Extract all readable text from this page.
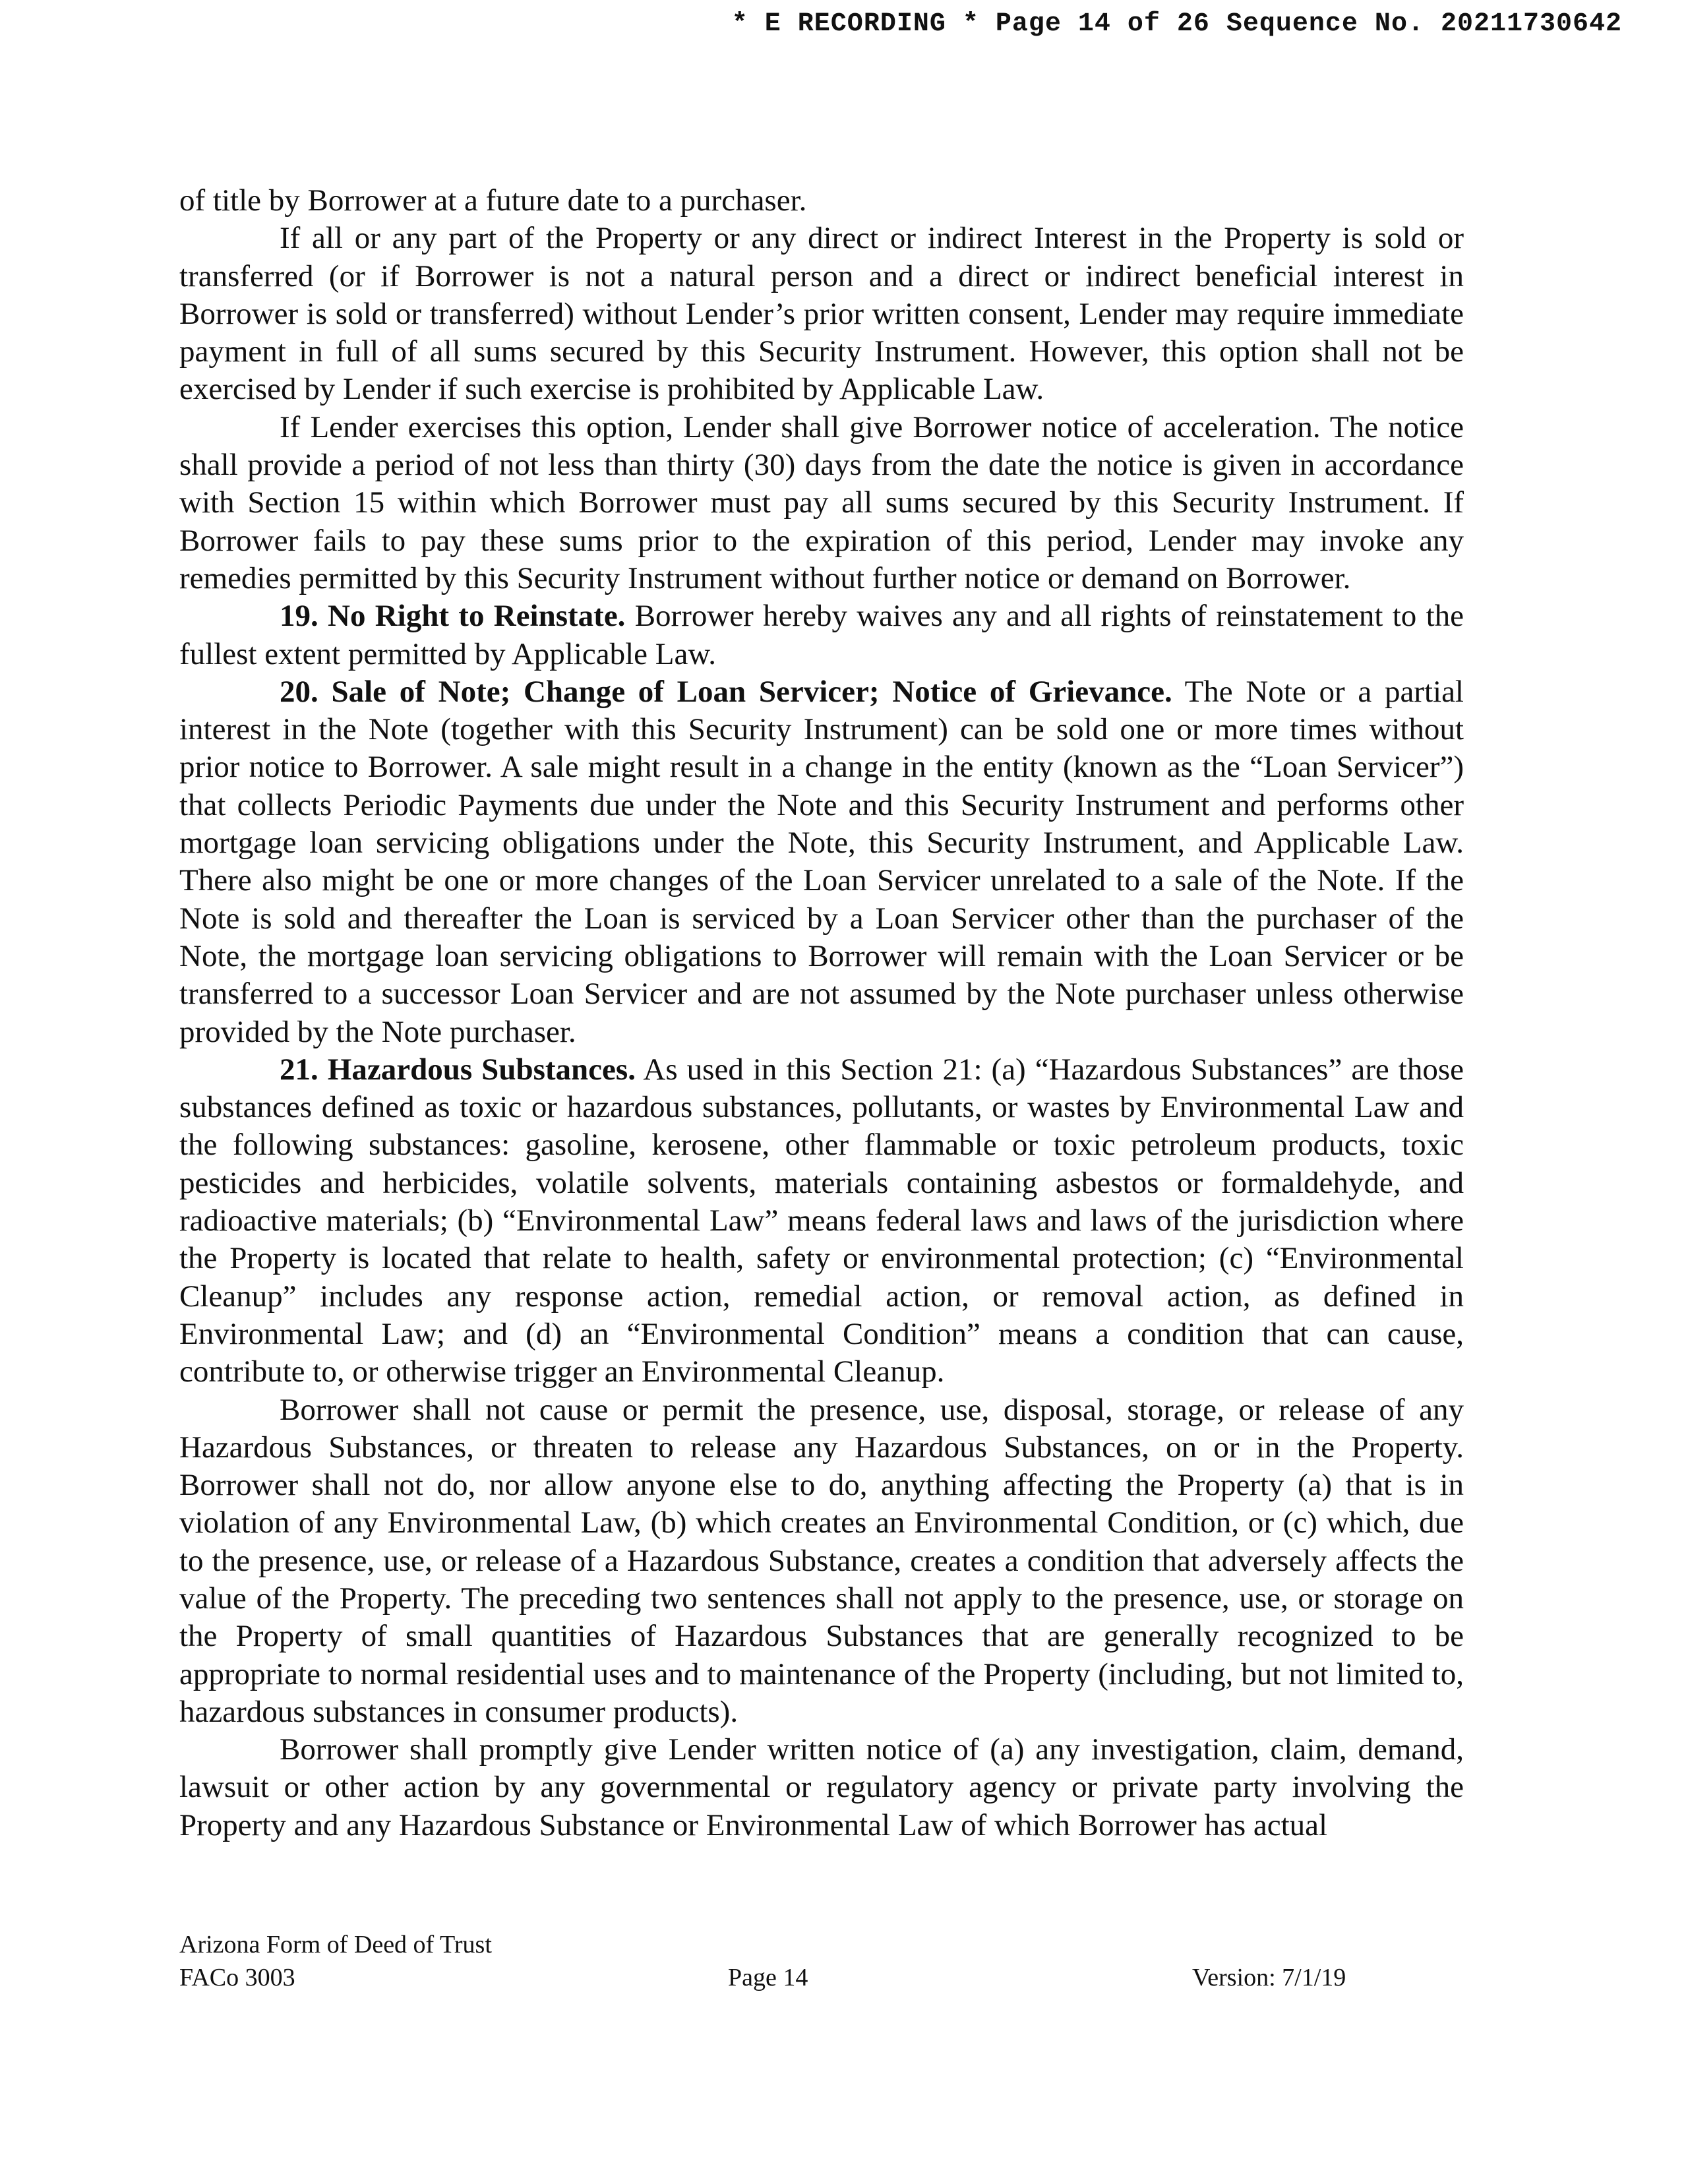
* E RECORDING * Page 14 of 26 Sequence No. 20211730642

of title by Borrower at a future date to a purchaser.

If all or any part of the Property or any direct or indirect Interest in the Property is sold or transferred (or if Borrower is not a natural person and a direct or indirect beneficial interest in Borrower is sold or transferred) without Lender’s prior written consent, Lender may require immediate payment in full of all sums secured by this Security Instrument. However, this option shall not be exercised by Lender if such exercise is prohibited by Applicable Law.

If Lender exercises this option, Lender shall give Borrower notice of acceleration. The notice shall provide a period of not less than thirty (30) days from the date the notice is given in accordance with Section 15 within which Borrower must pay all sums secured by this Security Instrument. If Borrower fails to pay these sums prior to the expiration of this period, Lender may invoke any remedies permitted by this Security Instrument without further notice or demand on Borrower.

19. No Right to Reinstate. Borrower hereby waives any and all rights of reinstatement to the fullest extent permitted by Applicable Law.

20. Sale of Note; Change of Loan Servicer; Notice of Grievance. The Note or a partial interest in the Note (together with this Security Instrument) can be sold one or more times without prior notice to Borrower. A sale might result in a change in the entity (known as the “Loan Servicer”) that collects Periodic Payments due under the Note and this Security Instrument and performs other mortgage loan servicing obligations under the Note, this Security Instrument, and Applicable Law. There also might be one or more changes of the Loan Servicer unrelated to a sale of the Note. If the Note is sold and thereafter the Loan is serviced by a Loan Servicer other than the purchaser of the Note, the mortgage loan servicing obligations to Borrower will remain with the Loan Servicer or be transferred to a successor Loan Servicer and are not assumed by the Note purchaser unless otherwise provided by the Note purchaser.

21. Hazardous Substances. As used in this Section 21: (a) “Hazardous Substances” are those substances defined as toxic or hazardous substances, pollutants, or wastes by Environmental Law and the following substances: gasoline, kerosene, other flammable or toxic petroleum products, toxic pesticides and herbicides, volatile solvents, materials containing asbestos or formaldehyde, and radioactive materials; (b) “Environmental Law” means federal laws and laws of the jurisdiction where the Property is located that relate to health, safety or environmental protection; (c) “Environmental Cleanup” includes any response action, remedial action, or removal action, as defined in Environmental Law; and (d) an “Environmental Condition” means a condition that can cause, contribute to, or otherwise trigger an Environmental Cleanup.

Borrower shall not cause or permit the presence, use, disposal, storage, or release of any Hazardous Substances, or threaten to release any Hazardous Substances, on or in the Property. Borrower shall not do, nor allow anyone else to do, anything affecting the Property (a) that is in violation of any Environmental Law, (b) which creates an Environmental Condition, or (c) which, due to the presence, use, or release of a Hazardous Substance, creates a condition that adversely affects the value of the Property. The preceding two sentences shall not apply to the presence, use, or storage on the Property of small quantities of Hazardous Substances that are generally recognized to be appropriate to normal residential uses and to maintenance of the Property (including, but not limited to, hazardous substances in consumer products).

Borrower shall promptly give Lender written notice of (a) any investigation, claim, demand, lawsuit or other action by any governmental or regulatory agency or private party involving the Property and any Hazardous Substance or Environmental Law of which Borrower has actual

Arizona Form of Deed of Trust
FACo 3003	Page 14	Version: 7/1/19
